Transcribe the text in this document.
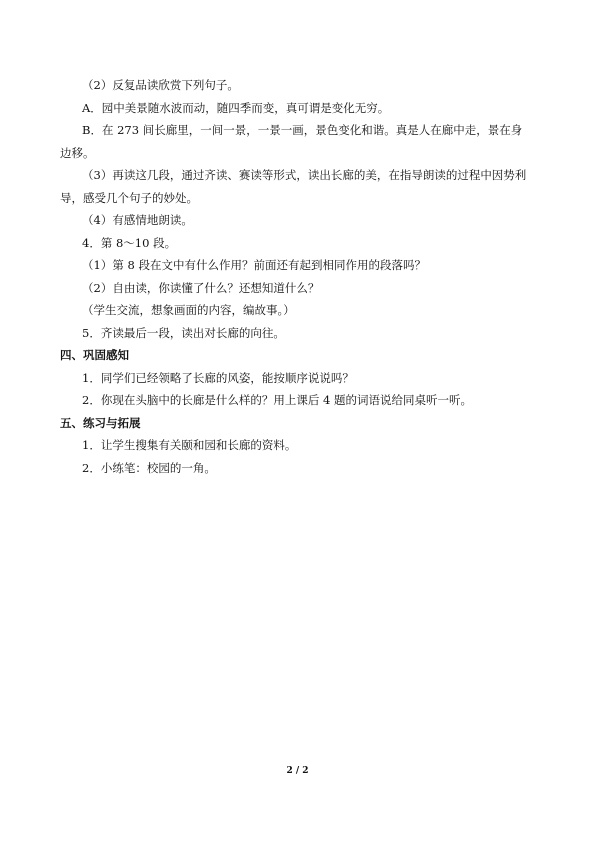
（2）反复品读欣赏下列句子。

A．园中美景随水波而动，随四季而变，真可谓是变化无穷。

B．在 273 间长廊里，一间一景，一景一画，景色变化和谐。真是人在廊中走，景在身

边移。

（3）再读这几段，通过齐读、赛读等形式，读出长廊的美，在指导朗读的过程中因势利

导，感受几个句子的妙处。

（4）有感情地朗读。

4．第 8～10 段。

（1）第 8 段在文中有什么作用？前面还有起到相同作用的段落吗？

（2）自由读，你读懂了什么？还想知道什么？

（学生交流，想象画面的内容，编故事。）

5．齐读最后一段，读出对长廊的向往。

四、巩固感知

1．同学们已经领略了长廊的风姿，能按顺序说说吗？

2．你现在头脑中的长廊是什么样的？用上课后 4 题的词语说给同桌听一听。

五、练习与拓展

1．让学生搜集有关颐和园和长廊的资料。

2．小练笔：校园的一角。

2 / 2
